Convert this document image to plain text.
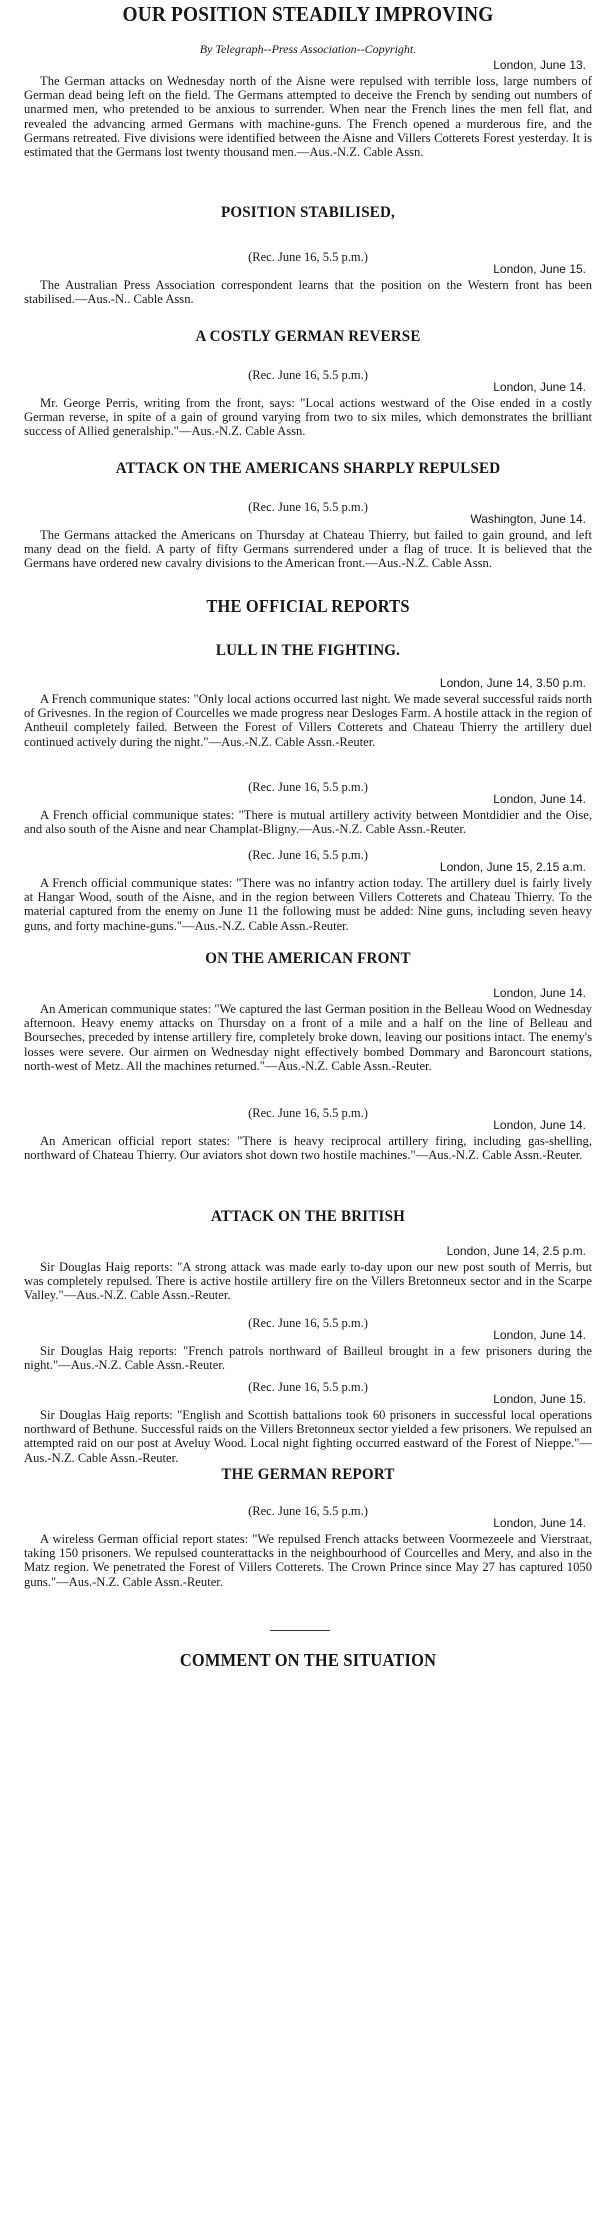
OUR POSITION STEADILY IMPROVING
By Telegraph--Press Association--Copyright.
London, June 13.

The German attacks on Wednesday north of the Aisne were repulsed with terrible loss, large numbers of German dead being left on the field. The Germans attempted to deceive the French by sending out numbers of unarmed men, who pretended to be anxious to surrender. When near the French lines the men fell flat, and revealed the advancing armed Germans with machine-guns. The French opened a murderous fire, and the Germans retreated. Five divisions were identified between the Aisne and Villers Cotterets Forest yesterday. It is estimated that the Germans lost twenty thousand men.—Aus.-N.Z. Cable Assn.

POSITION STABILISED,
(Rec. June 16, 5.5 p.m.)
London, June 15.

The Australian Press Association correspondent learns that the position on the Western front has been stabilised.—Aus.-N.. Cable Assn.

A COSTLY GERMAN REVERSE
(Rec. June 16, 5.5 p.m.)
London, June 14.

Mr. George Perris, writing from the front, says: "Local actions westward of the Oise ended in a costly German reverse, in spite of a gain of ground varying from two to six miles, which demonstrates the brilliant success of Allied generalship."—Aus.-N.Z. Cable Assn.

ATTACK ON THE AMERICANS SHARPLY REPULSED
(Rec. June 16, 5.5 p.m.)
Washington, June 14.

The Germans attacked the Americans on Thursday at Chateau Thierry, but failed to gain ground, and left many dead on the field. A party of fifty Germans surrendered under a flag of truce. It is believed that the Germans have ordered new cavalry divisions to the American front.—Aus.-N.Z. Cable Assn.

THE OFFICIAL REPORTS
LULL IN THE FIGHTING.
London, June 14, 3.50 p.m.

A French communique states: "Only local actions occurred last night. We made several successful raids north of Grivesnes. In the region of Courcelles we made progress near Desloges Farm. A hostile attack in the region of Antheuil completely failed. Between the Forest of Villers Cotterets and Chateau Thierry the artillery duel continued actively during the night."—Aus.-N.Z. Cable Assn.-Reuter.

(Rec. June 16, 5.5 p.m.)
London, June 14.

A French official communique states: "There is mutual artillery activity between Montdidier and the Oise, and also south of the Aisne and near Champlat-Bligny.—Aus.-N.Z. Cable Assn.-Reuter.

(Rec. June 16, 5.5 p.m.)
London, June 15, 2.15 a.m.

A French official communique states: "There was no infantry action today. The artillery duel is fairly lively at Hangar Wood, south of the Aisne, and in the region between Villers Cotterets and Chateau Thierry. To the material captured from the enemy on June 11 the following must be added: Nine guns, including seven heavy guns, and forty machine-guns."—Aus.-N.Z. Cable Assn.-Reuter.

ON THE AMERICAN FRONT
London, June 14.

An American communique states: "We captured the last German position in the Belleau Wood on Wednesday afternoon. Heavy enemy attacks on Thursday on a front of a mile and a half on the line of Belleau and Bourseches, preceded by intense artillery fire, completely broke down, leaving our positions intact. The enemy's losses were severe. Our airmen on Wednesday night effectively bombed Dommary and Baroncourt stations, north-west of Metz. All the machines returned."—Aus.-N.Z. Cable Assn.-Reuter.

(Rec. June 16, 5.5 p.m.)
London, June 14.

An American official report states: "There is heavy reciprocal artillery firing, including gas-shelling, northward of Chateau Thierry. Our aviators shot down two hostile machines."—Aus.-N.Z. Cable Assn.-Reuter.

ATTACK ON THE BRITISH
London, June 14, 2.5 p.m.

Sir Douglas Haig reports: "A strong attack was made early to-day upon our new post south of Merris, but was completely repulsed. There is active hostile artillery fire on the Villers Bretonneux sector and in the Scarpe Valley."—Aus.-N.Z. Cable Assn.-Reuter.

(Rec. June 16, 5.5 p.m.)
London, June 14.

Sir Douglas Haig reports: "French patrols northward of Bailleul brought in a few prisoners during the night."—Aus.-N.Z. Cable Assn.-Reuter.

(Rec. June 16, 5.5 p.m.)
London, June 15.

Sir Douglas Haig reports: "English and Scottish battalions took 60 prisoners in successful local operations northward of Bethune. Successful raids on the Villers Bretonneux sector yielded a few prisoners. We repulsed an attempted raid on our post at Aveluy Wood. Local night fighting occurred eastward of the Forest of Nieppe."—Aus.-N.Z. Cable Assn.-Reuter.

THE GERMAN REPORT
(Rec. June 16, 5.5 p.m.)
London, June 14.

A wireless German official report states: "We repulsed French attacks between Voormezeele and Vierstraat, taking 150 prisoners. We repulsed counterattacks in the neighbourhood of Courcelles and Mery, and also in the Matz region. We penetrated the Forest of Villers Cotterets. The Crown Prince since May 27 has captured 1050 guns."—Aus.-N.Z. Cable Assn.-Reuter.

COMMENT ON THE SITUATION
